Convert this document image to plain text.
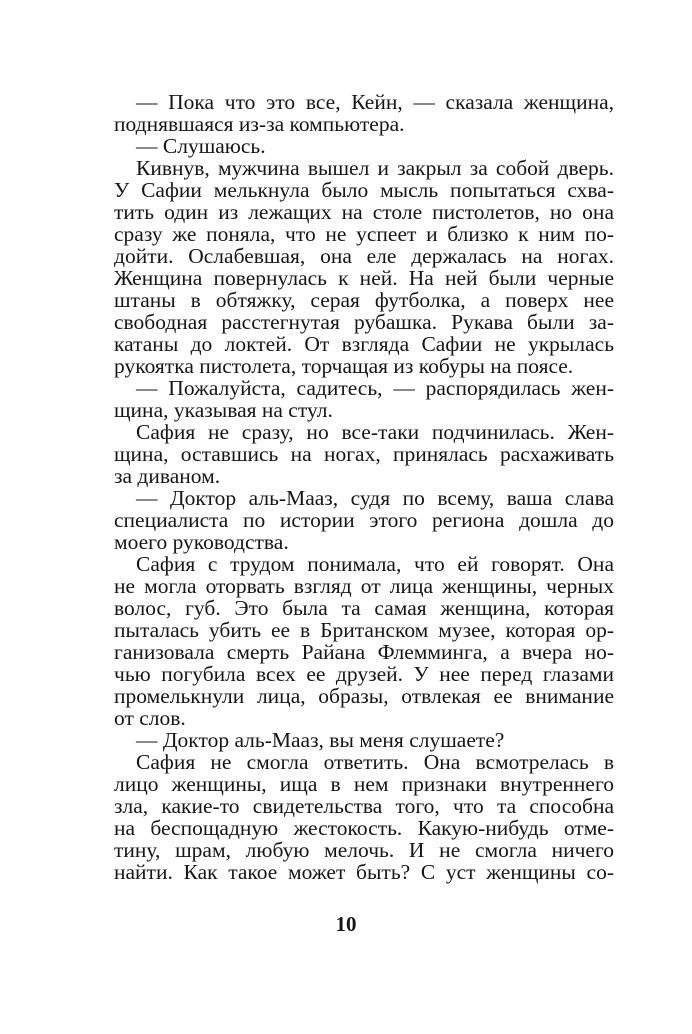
— Пока что это все, Кейн, — сказала женщина,
поднявшаяся из-за компьютера.
— Слушаюсь.
Кивнув, мужчина вышел и закрыл за собой дверь.
У Сафии мелькнула было мысль попытаться схва-
тить один из лежащих на столе пистолетов, но она
сразу же поняла, что не успеет и близко к ним по-
дойти. Ослабевшая, она еле держалась на ногах.
Женщина повернулась к ней. На ней были черные
штаны в обтяжку, серая футболка, а поверх нее
свободная расстегнутая рубашка. Рукава были за-
катаны до локтей. От взгляда Сафии не укрылась
рукоятка пистолета, торчащая из кобуры на поясе.
— Пожалуйста, садитесь, — распорядилась жен-
щина, указывая на стул.
Сафия не сразу, но все-таки подчинилась. Жен-
щина, оставшись на ногах, принялась расхаживать
за диваном.
— Доктор аль-Мааз, судя по всему, ваша слава
специалиста по истории этого региона дошла до
моего руководства.
Сафия с трудом понимала, что ей говорят. Она
не могла оторвать взгляд от лица женщины, черных
волос, губ. Это была та самая женщина, которая
пыталась убить ее в Британском музее, которая ор-
ганизовала смерть Райана Флемминга, а вчера но-
чью погубила всех ее друзей. У нее перед глазами
промелькнули лица, образы, отвлекая ее внимание
от слов.
— Доктор аль-Мааз, вы меня слушаете?
Сафия не смогла ответить. Она всмотрелась в
лицо женщины, ища в нем признаки внутреннего
зла, какие-то свидетельства того, что та способна
на беспощадную жестокость. Какую-нибудь отме-
тину, шрам, любую мелочь. И не смогла ничего
найти. Как такое может быть? С уст женщины со-
10
